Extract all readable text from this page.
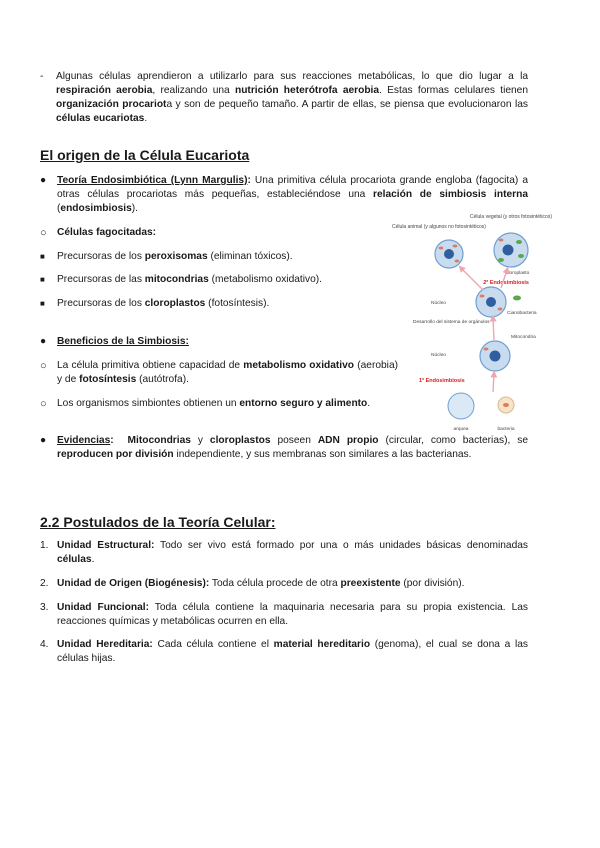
-	Algunas células aprendieron a utilizarlo para sus reacciones metabólicas, lo que dio lugar a la respiración aerobia, realizando una nutrición heterótrofa aerobia. Estas formas celulares tienen organización procariota y son de pequeño tamaño. A partir de ellas, se piensa que evolucionaron las células eucariotas.
El origen de la Célula Eucariota
●	Teoría Endosimbiótica (Lynn Margulis): Una primitiva célula procariota grande engloba (fagocita) a otras células procariotas más pequeñas, estableciéndose una relación de simbiosis interna (endosimbiosis).
○	Células fagocitadas:
■	Precursoras de los peroxisomas (eliminan tóxicos).
■	Precursoras de las mitocondrias (metabolismo oxidativo).
■	Precursoras de los cloroplastos (fotosíntesis).
●	Beneficios de la Simbiosis:
○	La célula primitiva obtiene capacidad de metabolismo oxidativo (aerobia) y de fotosíntesis (autótrofa).
○	Los organismos simbiontes obtienen un entorno seguro y alimento.
●	Evidencias: Mitocondrias y cloroplastos poseen ADN propio (circular, como bacterias), se reproducen por división independiente, y sus membranas son similares a las bacterianas.
Célula animal (y algunos no fotosintéticos)
Célula vegetal (y otros fotosintéticos)
Cloroplasto
2ª Endosimbiosis
Núcleo
Cianobacteria
Desarrollo del sistema de orgánulos
Mitocondria
Núcleo
1ª Endosimbiosis
arquea	bacteria
2.2 Postulados de la Teoría Celular:
1. Unidad Estructural: Todo ser vivo está formado por una o más unidades básicas denominadas células.
2. Unidad de Origen (Biogénesis): Toda célula procede de otra preexistente (por división).
3. Unidad Funcional: Toda célula contiene la maquinaria necesaria para su propia existencia. Las reacciones químicas y metabólicas ocurren en ella.
4. Unidad Hereditaria: Cada célula contiene el material hereditario (genoma), el cual se dona a las células hijas.
